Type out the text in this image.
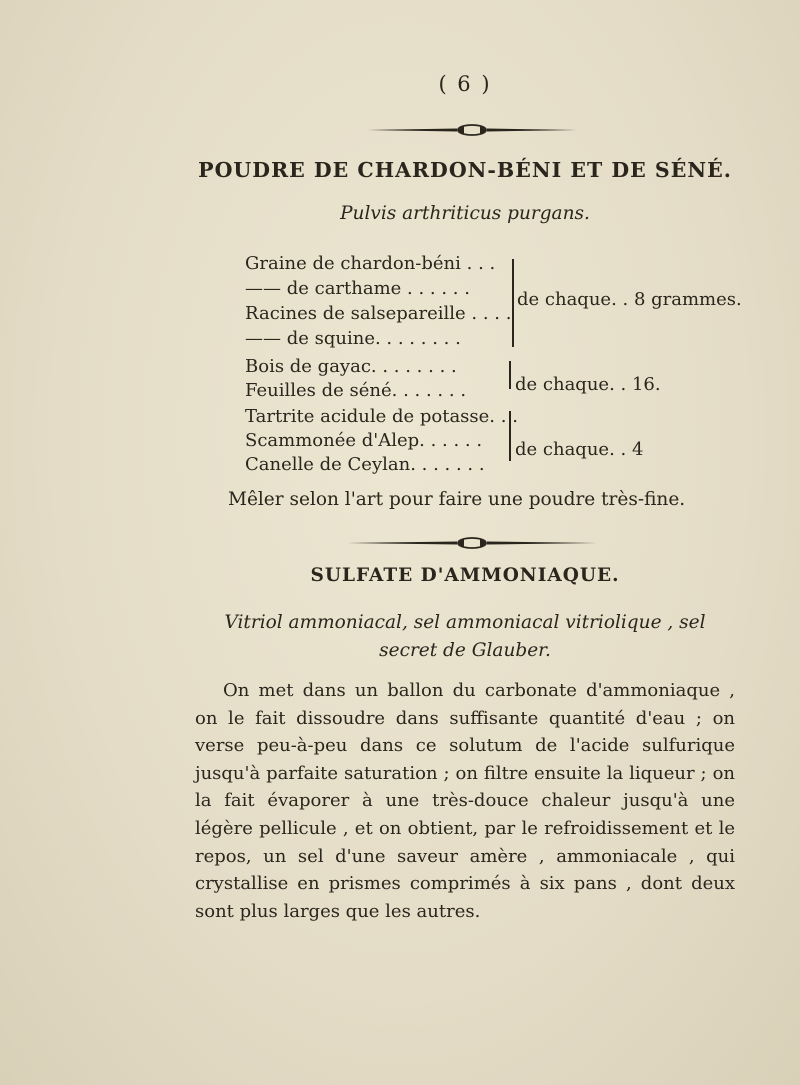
( 6 )
POUDRE DE CHARDON-BÉNI ET DE SÉNÉ.
Pulvis arthriticus purgans.
Graine de chardon-béni . . .
—— de carthame . . . . . .
Racines de salsepareille . . . .
—— de squine. . . . . . . .
Bois de gayac. . . . . . . .
Feuilles de séné. . . . . . .
Tartrite acidule de potasse. . .
Scammonée d'Alep. . . . . .
Canelle de Ceylan. . . . . . .
de chaque. . 8 grammes.
de chaque. . 16.
de chaque. . 4
Mêler selon l'art pour faire une poudre très-fine.
SULFATE D'AMMONIAQUE.
Vitriol ammoniacal, sel ammoniacal vitriolique , sel secret de Glauber.
On met dans un ballon du carbonate d'ammoniaque , on le fait dissoudre dans suffisante quantité d'eau ; on verse peu-à-peu dans ce solutum de l'acide sulfurique jusqu'à parfaite saturation ; on filtre ensuite la liqueur ; on la fait évaporer à une très-douce chaleur jusqu'à une légère pellicule , et on obtient, par le refroidissement et le repos, un sel d'une saveur amère , ammoniacale , qui crystallise en prismes comprimés à six pans , dont deux sont plus larges que les autres.
